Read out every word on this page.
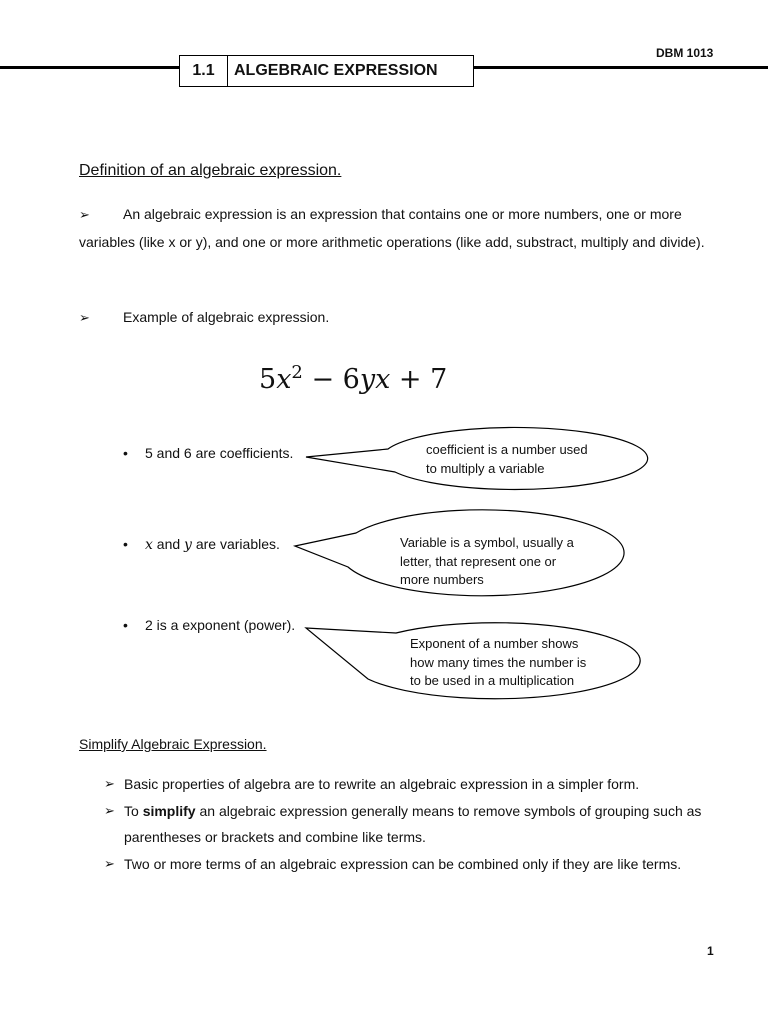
DBM 1013
1.1	ALGEBRAIC EXPRESSION
Definition of an algebraic expression.
➢ An algebraic expression is an expression that contains one or more numbers, one or more variables (like x or y), and one or more arithmetic operations (like add, substract, multiply and divide).
➢ Example of algebraic expression.
$5x^2 - 6yx + 7$
• 5 and 6 are coefficients.
• x and y are variables.
• 2 is a exponent (power).
coefficient is a number used
to multiply a variable
Variable is a symbol, usually a
letter, that represent one or
more numbers
Exponent of a number shows
how many times the number is
to be used in a multiplication
Simplify Algebraic Expression.
➢ Basic properties of algebra are to rewrite an algebraic expression in a simpler form.
➢ To simplify an algebraic expression generally means to remove symbols of grouping such as parentheses or brackets and combine like terms.
➢ Two or more terms of an algebraic expression can be combined only if they are like terms.
1
